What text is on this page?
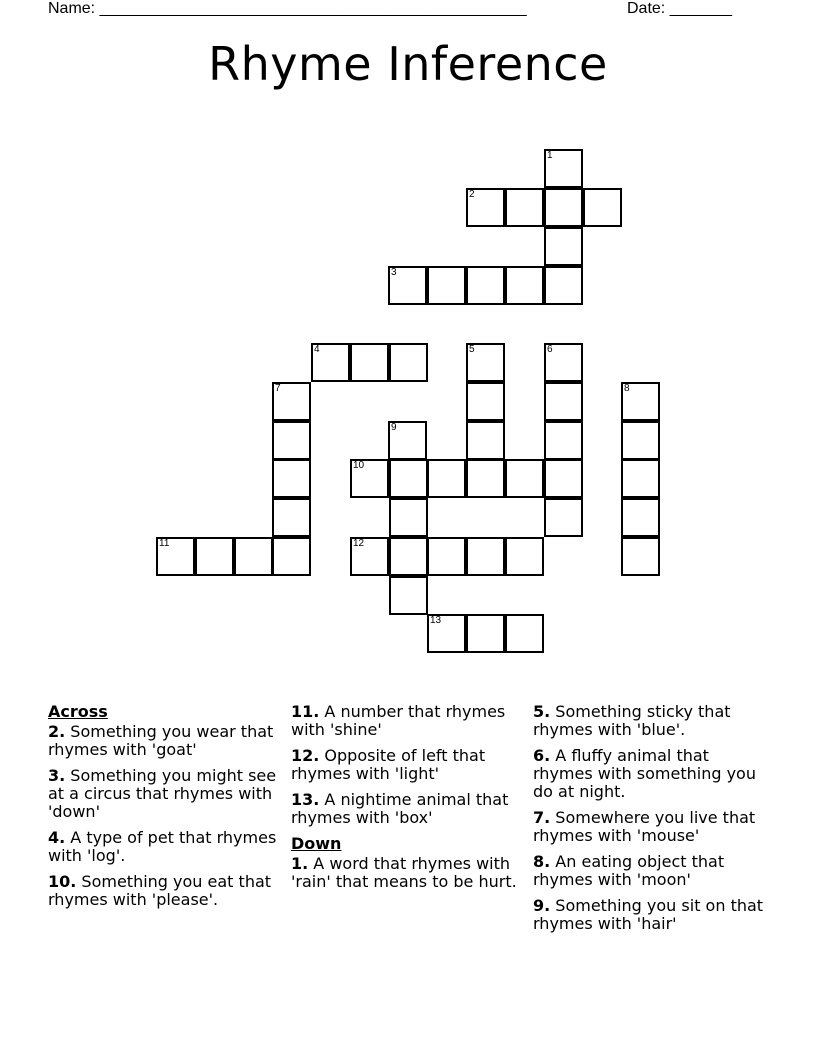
Name: ________________________________________________	Date: _______
Rhyme Inference
1
2
3
4	5	6
7	8
9
10
11	12
13
Across
2. Something you wear that rhymes with 'goat'
3. Something you might see at a circus that rhymes with 'down'
4. A type of pet that rhymes with 'log'.
10. Something you eat that rhymes with 'please'.
11. A number that rhymes with 'shine'
12. Opposite of left that rhymes with 'light'
13. A nightime animal that rhymes with 'box'
Down
1. A word that rhymes with 'rain' that means to be hurt.
5. Something sticky that rhymes with 'blue'.
6. A fluffy animal that rhymes with something you do at night.
7. Somewhere you live that rhymes with 'mouse'
8. An eating object that rhymes with 'moon'
9. Something you sit on that rhymes with 'hair'
